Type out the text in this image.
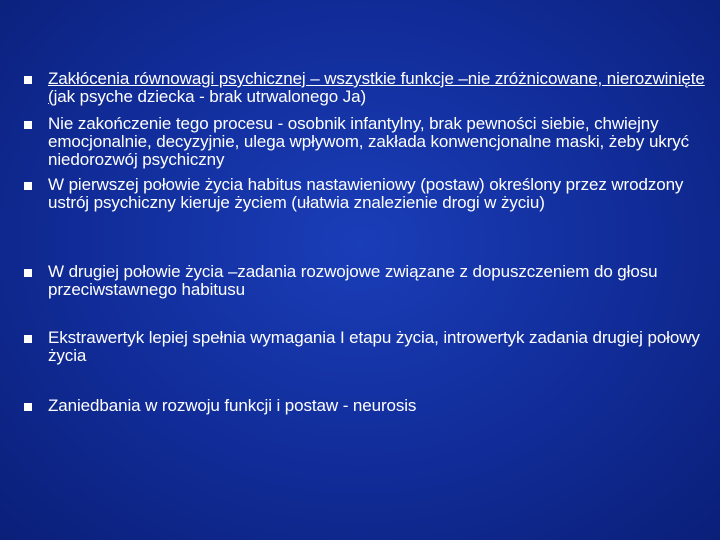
Zakłócenia równowagi psychicznej – wszystkie funkcje –nie zróżnicowane, nierozwinięte (jak psyche dziecka - brak utrwalonego Ja)
Nie zakończenie tego procesu - osobnik infantylny, brak pewności siebie, chwiejny emocjonalnie, decyzyjnie, ulega wpływom, zakłada konwencjonalne maski, żeby ukryć niedorozwój psychiczny
W pierwszej połowie życia habitus nastawieniowy (postaw) określony przez wrodzony ustrój psychiczny kieruje życiem (ułatwia znalezienie drogi w życiu)
W drugiej połowie życia –zadania rozwojowe związane z dopuszczeniem do głosu przeciwstawnego habitusu
Ekstrawertyk lepiej spełnia wymagania I etapu życia, introwertyk zadania drugiej połowy życia
Zaniedbania w rozwoju funkcji i postaw - neurosis
